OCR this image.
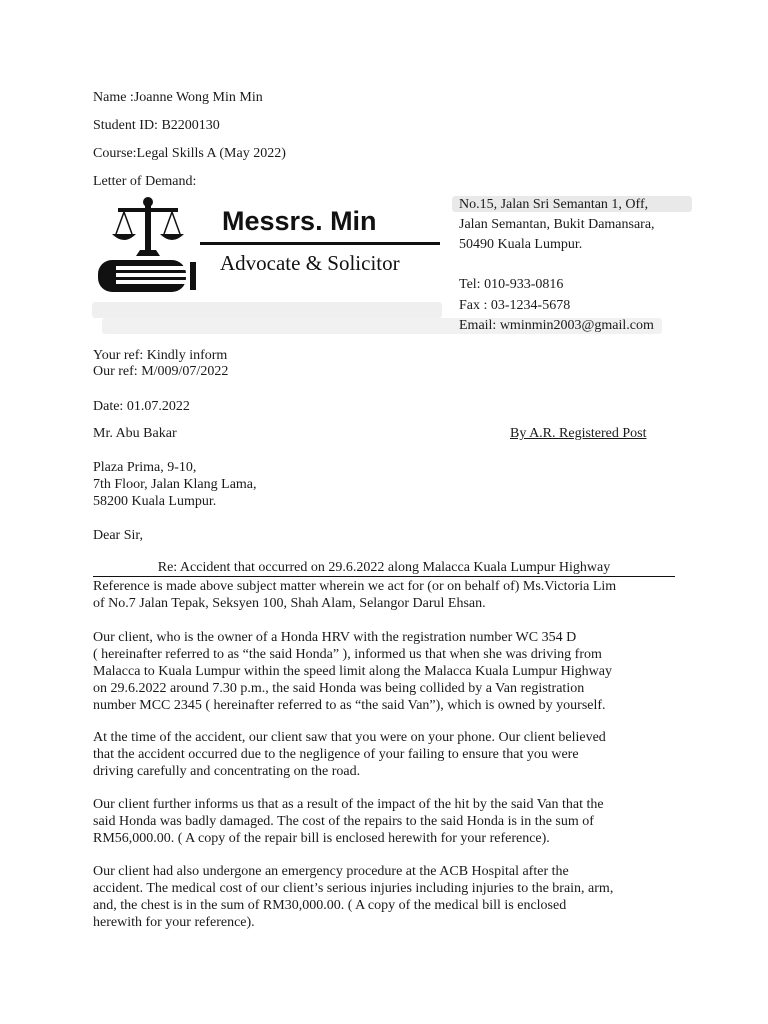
Name :Joanne Wong Min Min
Student ID: B2200130
Course:Legal Skills A (May 2022)
Letter of Demand:
Messrs. Min
Advocate & Solicitor
No.15, Jalan Sri Semantan 1, Off,
Jalan Semantan, Bukit Damansara,
50490 Kuala Lumpur.
Tel: 010-933-0816
Fax : 03-1234-5678
Email: wminmin2003@gmail.com
Your ref: Kindly inform
Our ref: M/009/07/2022
Date: 01.07.2022
Mr. Abu Bakar	By A.R. Registered Post
Plaza Prima, 9-10,
7th Floor, Jalan Klang Lama,
58200 Kuala Lumpur.
Dear Sir,
Re: Accident that occurred on 29.6.2022 along Malacca Kuala Lumpur Highway
Reference is made above subject matter wherein we act for (or on behalf of) Ms.Victoria Lim
of No.7 Jalan Tepak, Seksyen 100, Shah Alam, Selangor Darul Ehsan.
Our client, who is the owner of a Honda HRV with the registration number WC 354 D
( hereinafter referred to as “the said Honda” ), informed us that when she was driving from
Malacca to Kuala Lumpur within the speed limit along the Malacca Kuala Lumpur Highway
on 29.6.2022 around 7.30 p.m., the said Honda was being collided by a Van registration
number MCC 2345 ( hereinafter referred to as “the said Van”), which is owned by yourself.
At the time of the accident, our client saw that you were on your phone. Our client believed
that the accident occurred due to the negligence of your failing to ensure that you were
driving carefully and concentrating on the road.
Our client further informs us that as a result of the impact of the hit by the said Van that the
said Honda was badly damaged. The cost of the repairs to the said Honda is in the sum of
RM56,000.00. ( A copy of the repair bill is enclosed herewith for your reference).
Our client had also undergone an emergency procedure at the ACB Hospital after the
accident. The medical cost of our client’s serious injuries including injuries to the brain, arm,
and, the chest is in the sum of RM30,000.00. ( A copy of the medical bill is enclosed
herewith for your reference).
